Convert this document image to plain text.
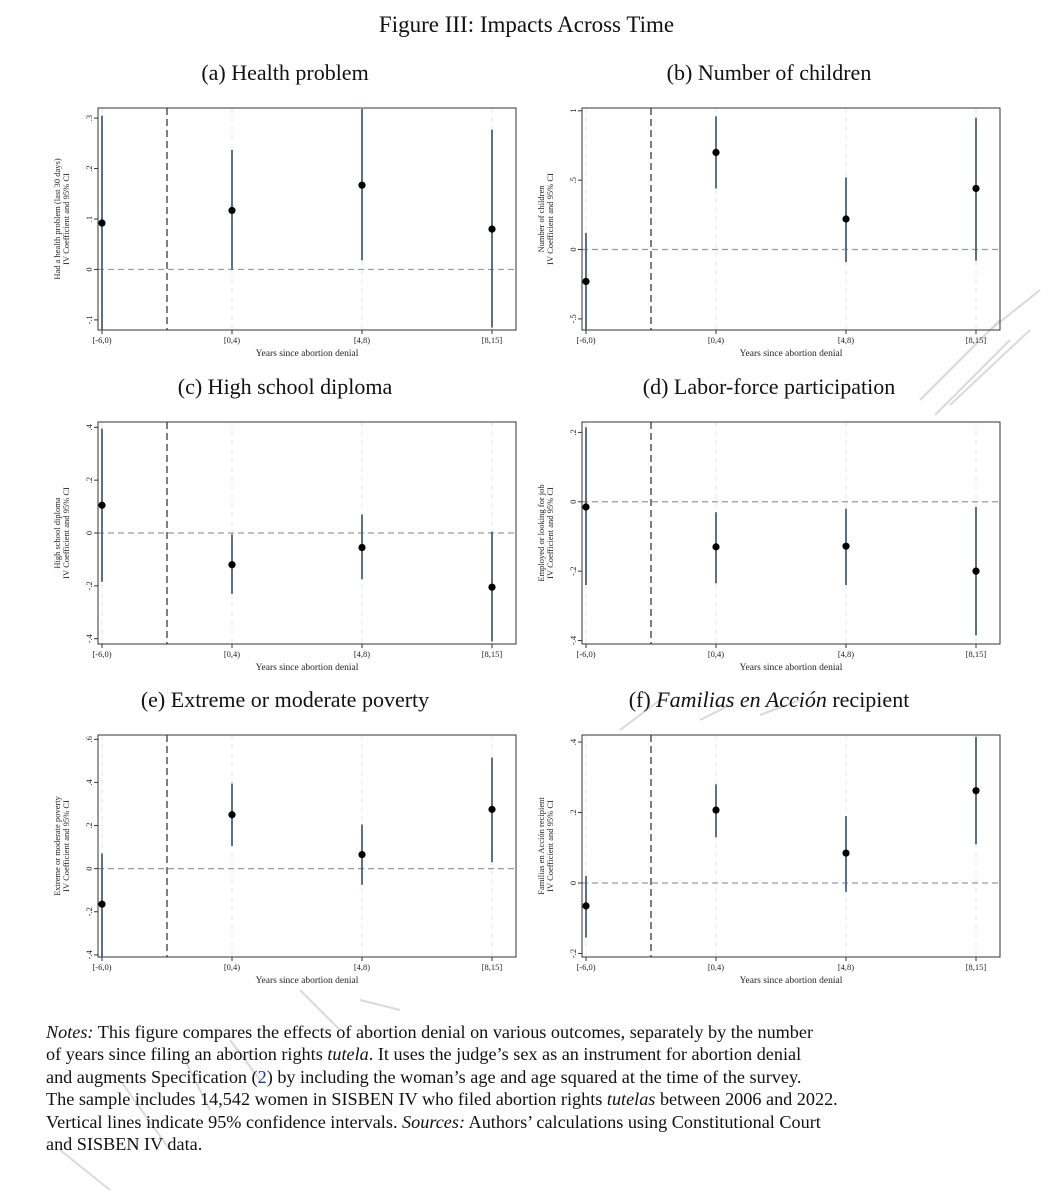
Figure III: Impacts Across Time
(a) Health problem
-.1
0
.1
.2
.3
[-6,0)	[0,4)	[4,8)	[8,15]
Years since abortion denial
Had a health problem (last 30 days) IV Coefficient and 95% CI
(b) Number of children
-.5
0
.5
1
[-6,0)	[0,4)	[4,8)	[8,15]
Years since abortion denial
Number of children IV Coefficient and 95% CI
(c) High school diploma
-.4
-.2
0
.2
.4
[-6,0)	[0,4)	[4,8)	[8,15]
Years since abortion denial
High school diploma IV Coefficient and 95% CI
(d) Labor-force participation
-.4
-.2
0
.2
[-6,0)	[0,4)	[4,8)	[8,15]
Years since abortion denial
Employed or looking for job IV Coefficient and 95% CI
(e) Extreme or moderate poverty
-.4
-.2
0
.2
.4
.6
[-6,0)	[0,4)	[4,8)	[8,15]
Years since abortion denial
Extreme or moderate poverty IV Coefficient and 95% CI
(f) Familias en Acción recipient
-.2
0
.2
.4
[-6,0)	[0,4)	[4,8)	[8,15]
Years since abortion denial
Familias en Acción recipient IV Coefficient and 95% CI
Notes: This figure compares the effects of abortion denial on various outcomes, separately by the number
of years since filing an abortion rights tutela. It uses the judge’s sex as an instrument for abortion denial
and augments Specification (2) by including the woman’s age and age squared at the time of the survey.
The sample includes 14,542 women in SISBEN IV who filed abortion rights tutelas between 2006 and 2022.
Vertical lines indicate 95% confidence intervals. Sources: Authors’ calculations using Constitutional Court
and SISBEN IV data.
